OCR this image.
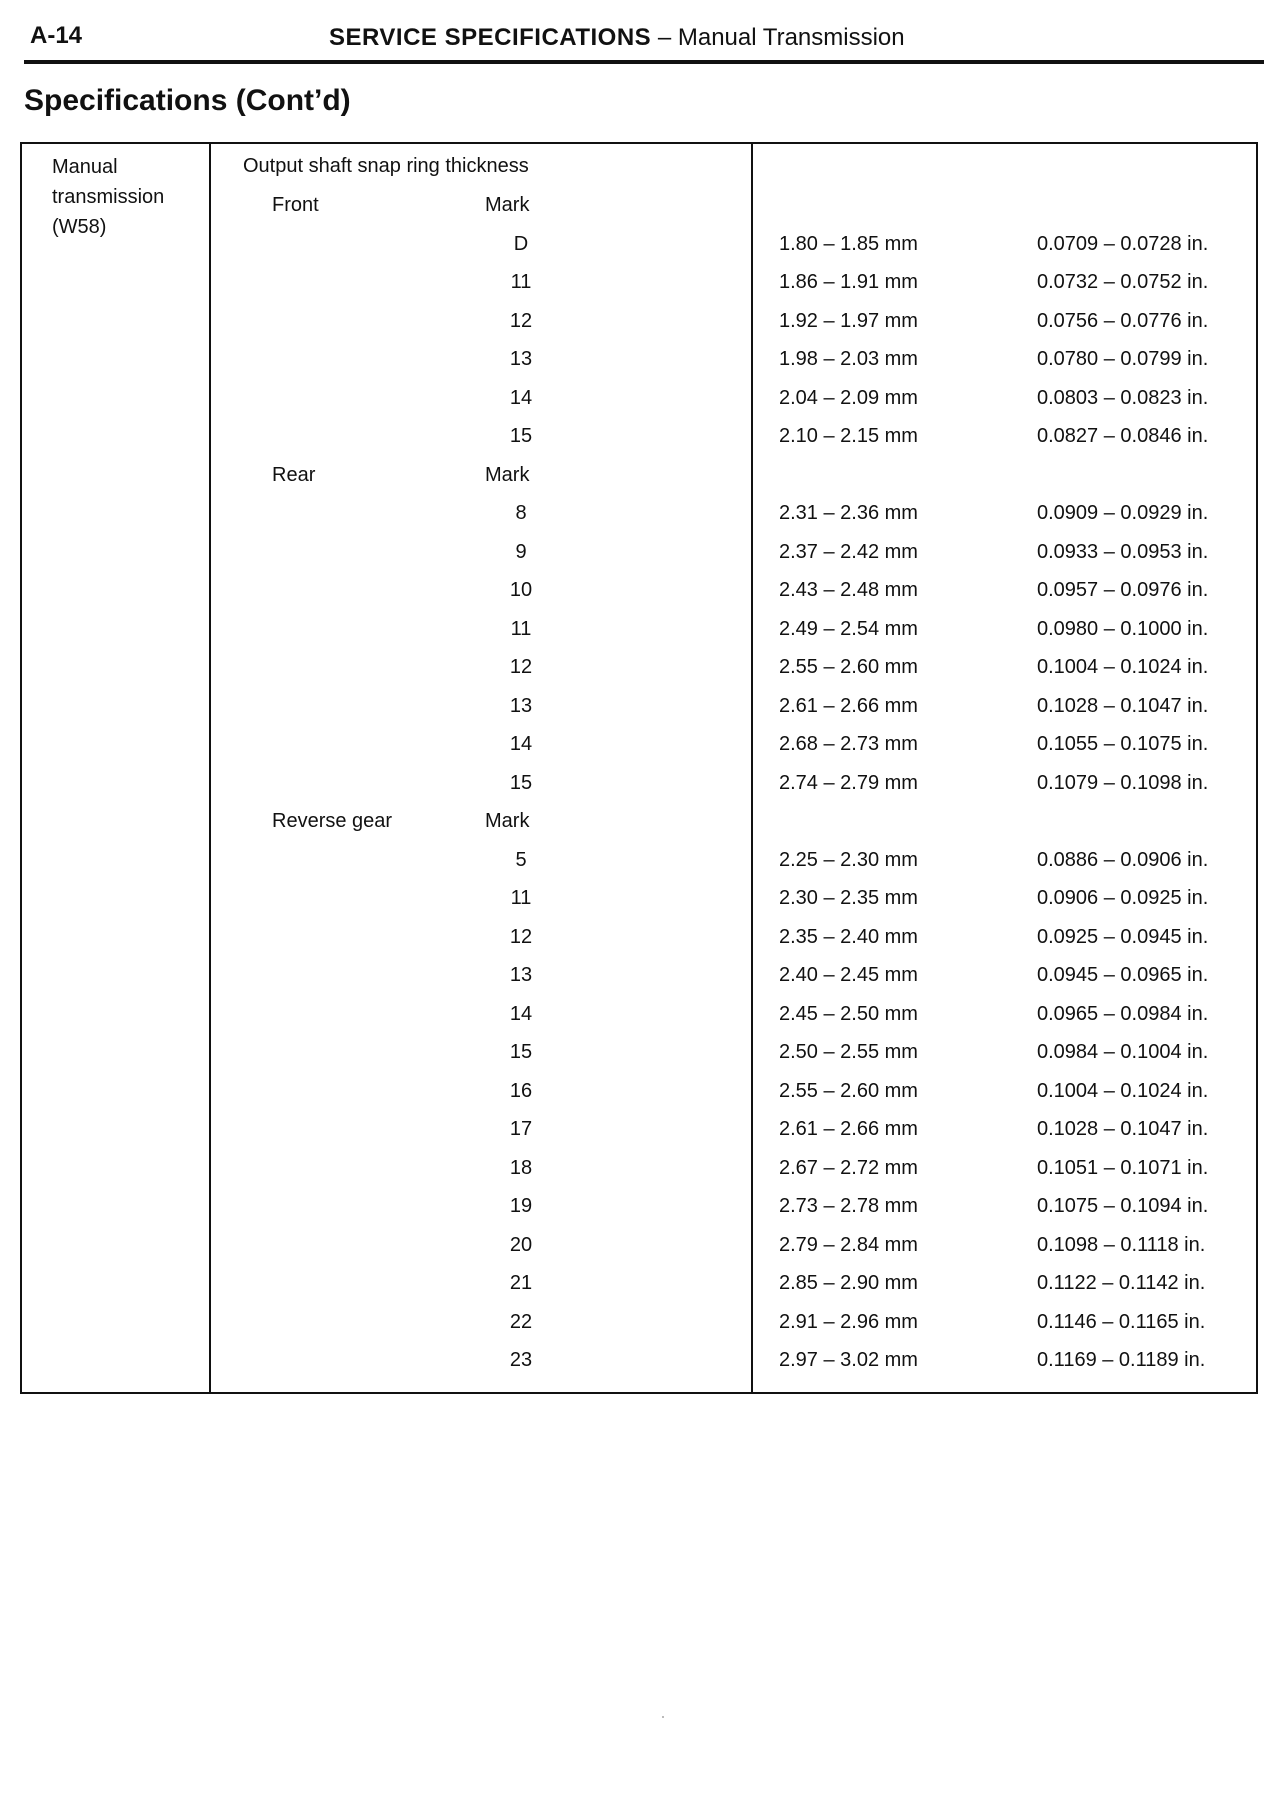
A-14	SERVICE SPECIFICATIONS – Manual Transmission
Specifications (Cont’d)
Manual
transmission
(W58)
Output shaft snap ring thickness
Front	Mark
D	1.80 – 1.85 mm	0.0709 – 0.0728 in.
11	1.86 – 1.91 mm	0.0732 – 0.0752 in.
12	1.92 – 1.97 mm	0.0756 – 0.0776 in.
13	1.98 – 2.03 mm	0.0780 – 0.0799 in.
14	2.04 – 2.09 mm	0.0803 – 0.0823 in.
15	2.10 – 2.15 mm	0.0827 – 0.0846 in.
Rear	Mark
8	2.31 – 2.36 mm	0.0909 – 0.0929 in.
9	2.37 – 2.42 mm	0.0933 – 0.0953 in.
10	2.43 – 2.48 mm	0.0957 – 0.0976 in.
11	2.49 – 2.54 mm	0.0980 – 0.1000 in.
12	2.55 – 2.60 mm	0.1004 – 0.1024 in.
13	2.61 – 2.66 mm	0.1028 – 0.1047 in.
14	2.68 – 2.73 mm	0.1055 – 0.1075 in.
15	2.74 – 2.79 mm	0.1079 – 0.1098 in.
Reverse gear	Mark
5	2.25 – 2.30 mm	0.0886 – 0.0906 in.
11	2.30 – 2.35 mm	0.0906 – 0.0925 in.
12	2.35 – 2.40 mm	0.0925 – 0.0945 in.
13	2.40 – 2.45 mm	0.0945 – 0.0965 in.
14	2.45 – 2.50 mm	0.0965 – 0.0984 in.
15	2.50 – 2.55 mm	0.0984 – 0.1004 in.
16	2.55 – 2.60 mm	0.1004 – 0.1024 in.
17	2.61 – 2.66 mm	0.1028 – 0.1047 in.
18	2.67 – 2.72 mm	0.1051 – 0.1071 in.
19	2.73 – 2.78 mm	0.1075 – 0.1094 in.
20	2.79 – 2.84 mm	0.1098 – 0.1118 in.
21	2.85 – 2.90 mm	0.1122 – 0.1142 in.
22	2.91 – 2.96 mm	0.1146 – 0.1165 in.
23	2.97 – 3.02 mm	0.1169 – 0.1189 in.
